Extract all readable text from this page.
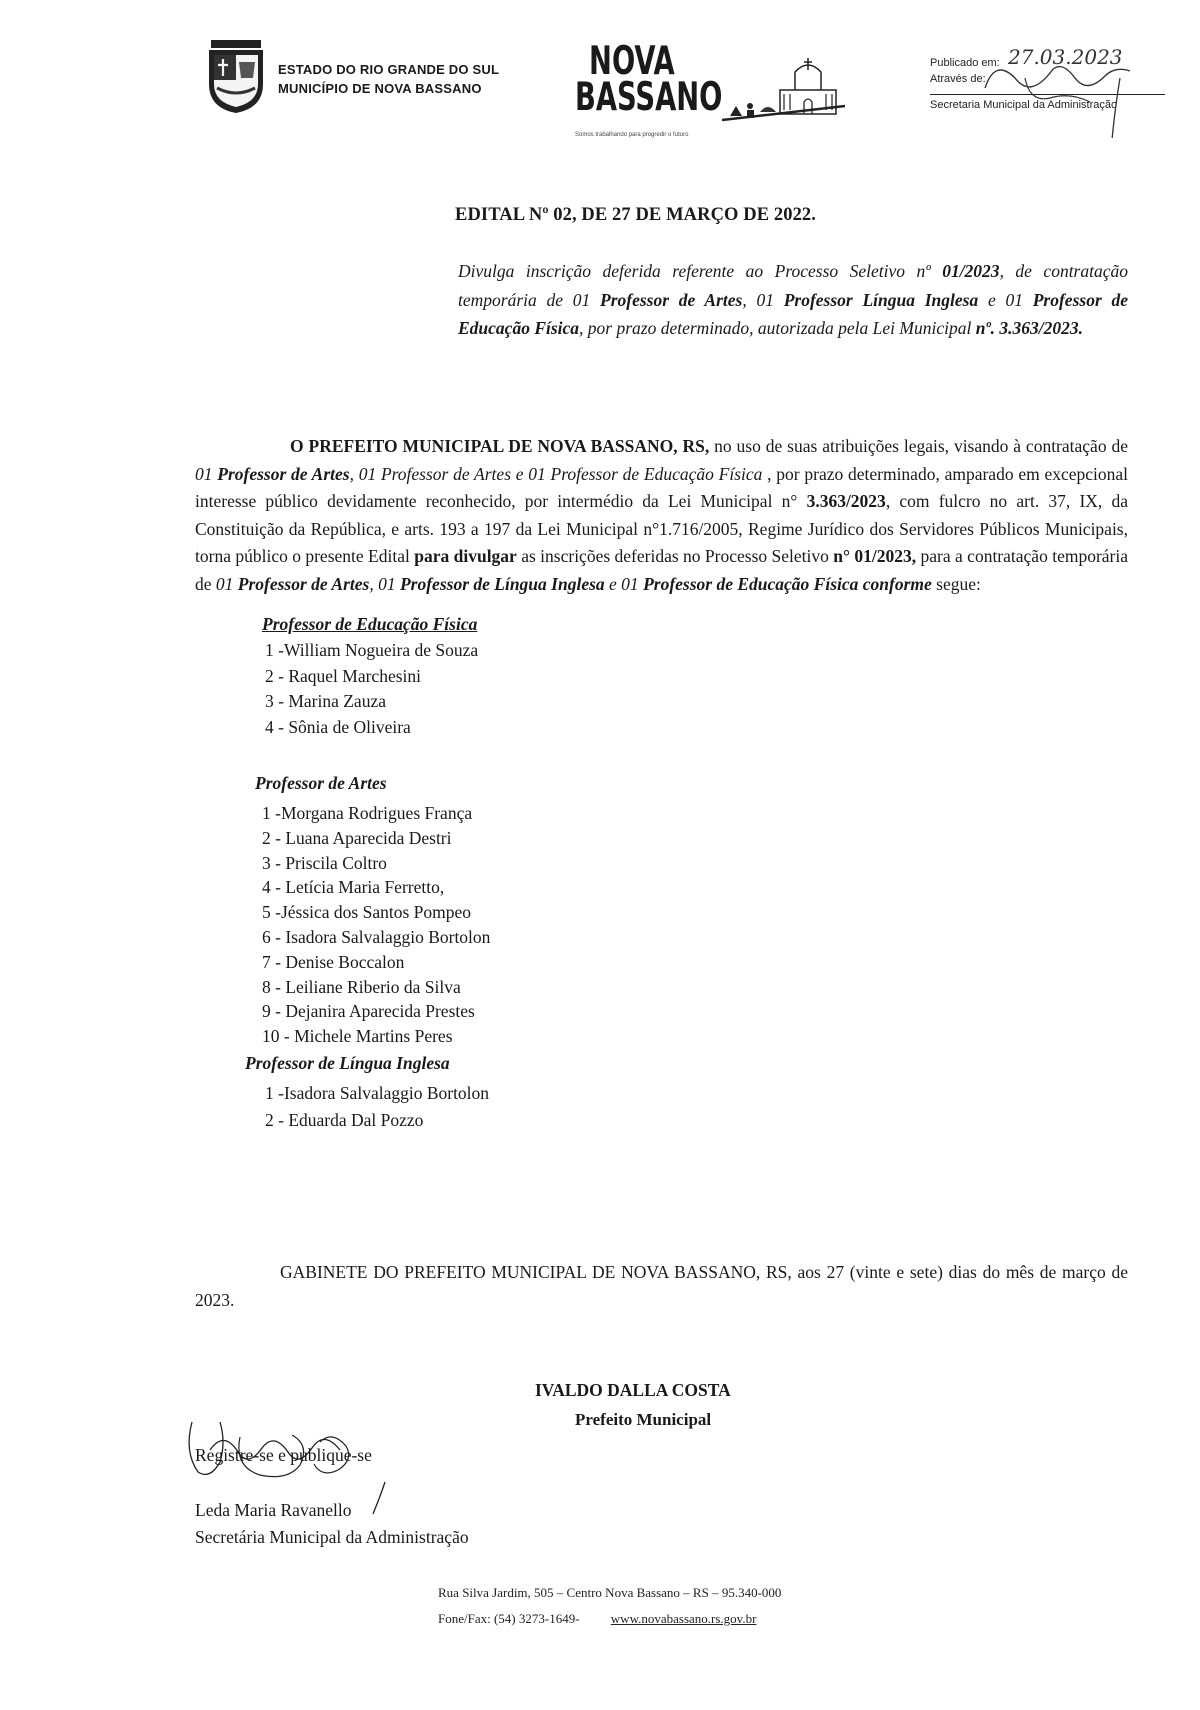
ESTADO DO RIO GRANDE DO SUL
MUNICÍPIO DE NOVA BASSANO
NOVA
BASSANO
Somos trabalhando para progredir o futuro
Publicado em: 27.03.2023
Através de:
Secretaria Municipal da Administração
EDITAL Nº 02, DE 27 DE MARÇO DE 2022.
Divulga inscrição deferida referente ao Processo Seletivo nº 01/2023, de contratação temporária de 01 Professor de Artes, 01 Professor Língua Inglesa e 01 Professor de Educação Física, por prazo determinado, autorizada pela Lei Municipal nº. 3.363/2023.
O PREFEITO MUNICIPAL DE NOVA BASSANO, RS, no uso de suas atribuições legais, visando à contratação de 01 Professor de Artes, 01 Professor de Artes e 01 Professor de Educação Física , por prazo determinado, amparado em excepcional interesse público devidamente reconhecido, por intermédio da Lei Municipal n° 3.363/2023, com fulcro no art. 37, IX, da Constituição da República, e arts. 193 a 197 da Lei Municipal n°1.716/2005, Regime Jurídico dos Servidores Públicos Municipais, torna público o presente Edital para divulgar as inscrições deferidas no Processo Seletivo n° 01/2023, para a contratação temporária de 01 Professor de Artes, 01 Professor de Língua Inglesa e 01 Professor de Educação Física conforme segue:
Professor de Educação Física
1 -William Nogueira de Souza
2 - Raquel Marchesini
3 - Marina Zauza
4 - Sônia de Oliveira
Professor de Artes
1 -Morgana Rodrigues França
2 - Luana Aparecida Destri
3 - Priscila Coltro
4 - Letícia Maria Ferretto,
5 -Jéssica dos Santos Pompeo
6 - Isadora Salvalaggio Bortolon
7 - Denise Boccalon
8 - Leiliane Riberio da Silva
9 - Dejanira Aparecida Prestes
10 - Michele Martins Peres
Professor de Língua Inglesa
1 -Isadora Salvalaggio Bortolon
2 - Eduarda Dal Pozzo
GABINETE DO PREFEITO MUNICIPAL DE NOVA BASSANO, RS, aos 27 (vinte e sete) dias do mês de março de 2023.
IVALDO DALLA COSTA
Prefeito Municipal
Registre-se e publique-se
Leda Maria Ravanello
Secretária Municipal da Administração
Rua Silva Jardim, 505 – Centro Nova Bassano – RS – 95.340-000
Fone/Fax: (54) 3273-1649- www.novabassano.rs.gov.br
